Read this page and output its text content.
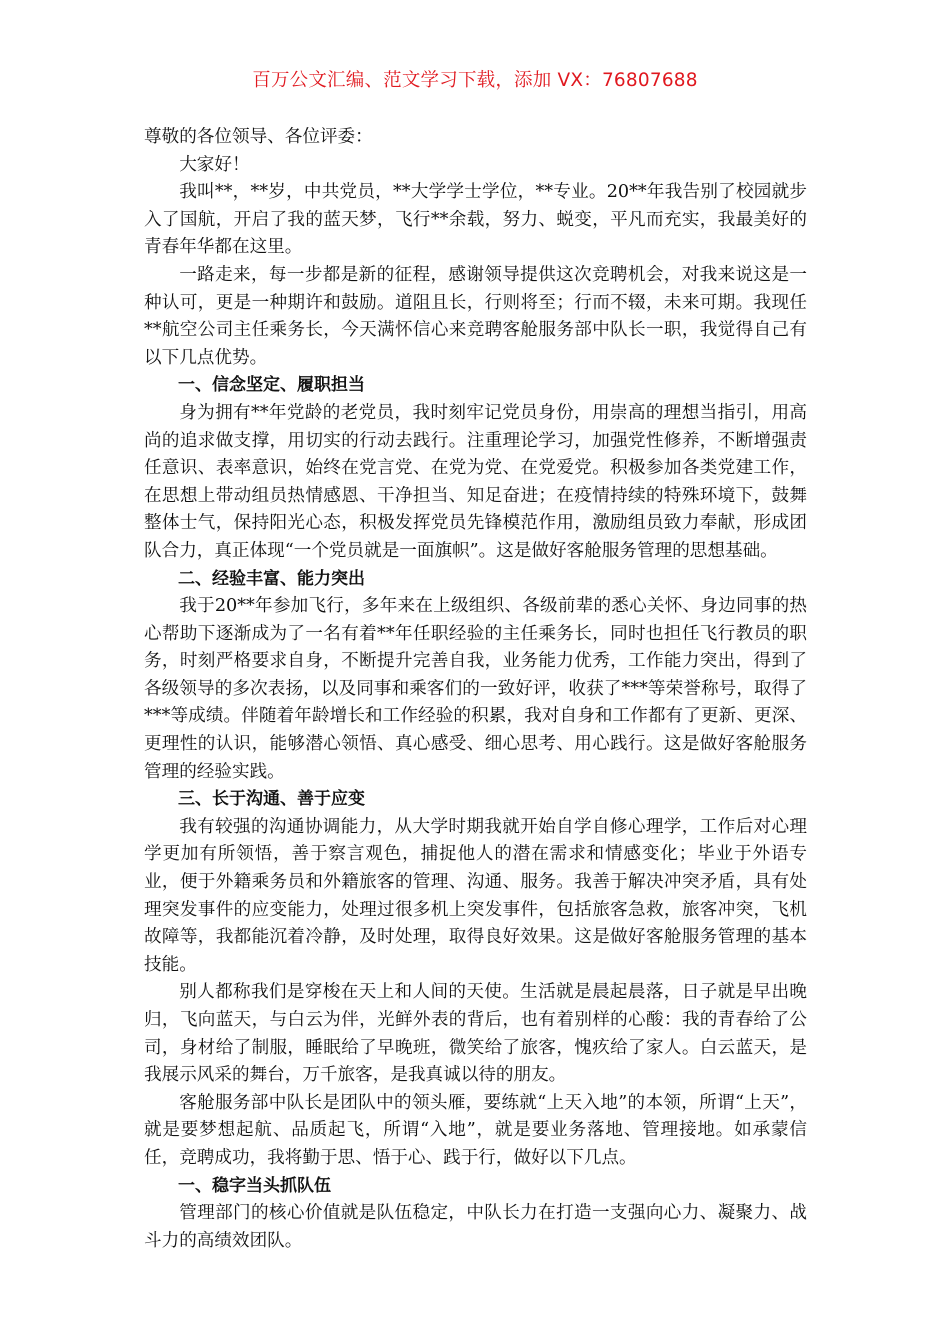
百万公文汇编、范文学习下载，添加 VX：76807688

尊敬的各位领导、各位评委：

大家好！

我叫**，**岁，中共党员，**大学学士学位，**专业。20**年我告别了校园就步入了国航，开启了我的蓝天梦，飞行**余载，努力、蜕变，平凡而充实，我最美好的青春年华都在这里。

一路走来，每一步都是新的征程，感谢领导提供这次竞聘机会，对我来说这是一种认可，更是一种期许和鼓励。道阻且长，行则将至；行而不辍，未来可期。我现任**航空公司主任乘务长，今天满怀信心来竞聘客舱服务部中队长一职，我觉得自己有以下几点优势。

一、信念坚定、履职担当

身为拥有**年党龄的老党员，我时刻牢记党员身份，用崇高的理想当指引，用高尚的追求做支撑，用切实的行动去践行。注重理论学习，加强党性修养，不断增强责任意识、表率意识，始终在党言党、在党为党、在党爱党。积极参加各类党建工作，在思想上带动组员热情感恩、干净担当、知足奋进；在疫情持续的特殊环境下，鼓舞整体士气，保持阳光心态，积极发挥党员先锋模范作用，激励组员致力奉献，形成团队合力，真正体现“一个党员就是一面旗帜”。这是做好客舱服务管理的思想基础。

二、经验丰富、能力突出

我于20**年参加飞行，多年来在上级组织、各级前辈的悉心关怀、身边同事的热心帮助下逐渐成为了一名有着**年任职经验的主任乘务长，同时也担任飞行教员的职务，时刻严格要求自身，不断提升完善自我，业务能力优秀，工作能力突出，得到了各级领导的多次表扬，以及同事和乘客们的一致好评，收获了***等荣誉称号，取得了***等成绩。伴随着年龄增长和工作经验的积累，我对自身和工作都有了更新、更深、更理性的认识，能够潜心领悟、真心感受、细心思考、用心践行。这是做好客舱服务管理的经验实践。

三、长于沟通、善于应变

我有较强的沟通协调能力，从大学时期我就开始自学自修心理学，工作后对心理学更加有所领悟，善于察言观色，捕捉他人的潜在需求和情感变化；毕业于外语专业，便于外籍乘务员和外籍旅客的管理、沟通、服务。我善于解决冲突矛盾，具有处理突发事件的应变能力，处理过很多机上突发事件，包括旅客急救，旅客冲突，飞机故障等，我都能沉着冷静，及时处理，取得良好效果。这是做好客舱服务管理的基本技能。

别人都称我们是穿梭在天上和人间的天使。生活就是晨起晨落，日子就是早出晚归，飞向蓝天，与白云为伴，光鲜外表的背后，也有着别样的心酸：我的青春给了公司，身材给了制服，睡眠给了早晚班，微笑给了旅客，愧疚给了家人。白云蓝天，是我展示风采的舞台，万千旅客，是我真诚以待的朋友。

客舱服务部中队长是团队中的领头雁，要练就“上天入地”的本领，所谓“上天”，就是要梦想起航、品质起飞，所谓“入地”，就是要业务落地、管理接地。如承蒙信任，竞聘成功，我将勤于思、悟于心、践于行，做好以下几点。

一、稳字当头抓队伍

管理部门的核心价值就是队伍稳定，中队长力在打造一支强向心力、凝聚力、战斗力的高绩效团队。
